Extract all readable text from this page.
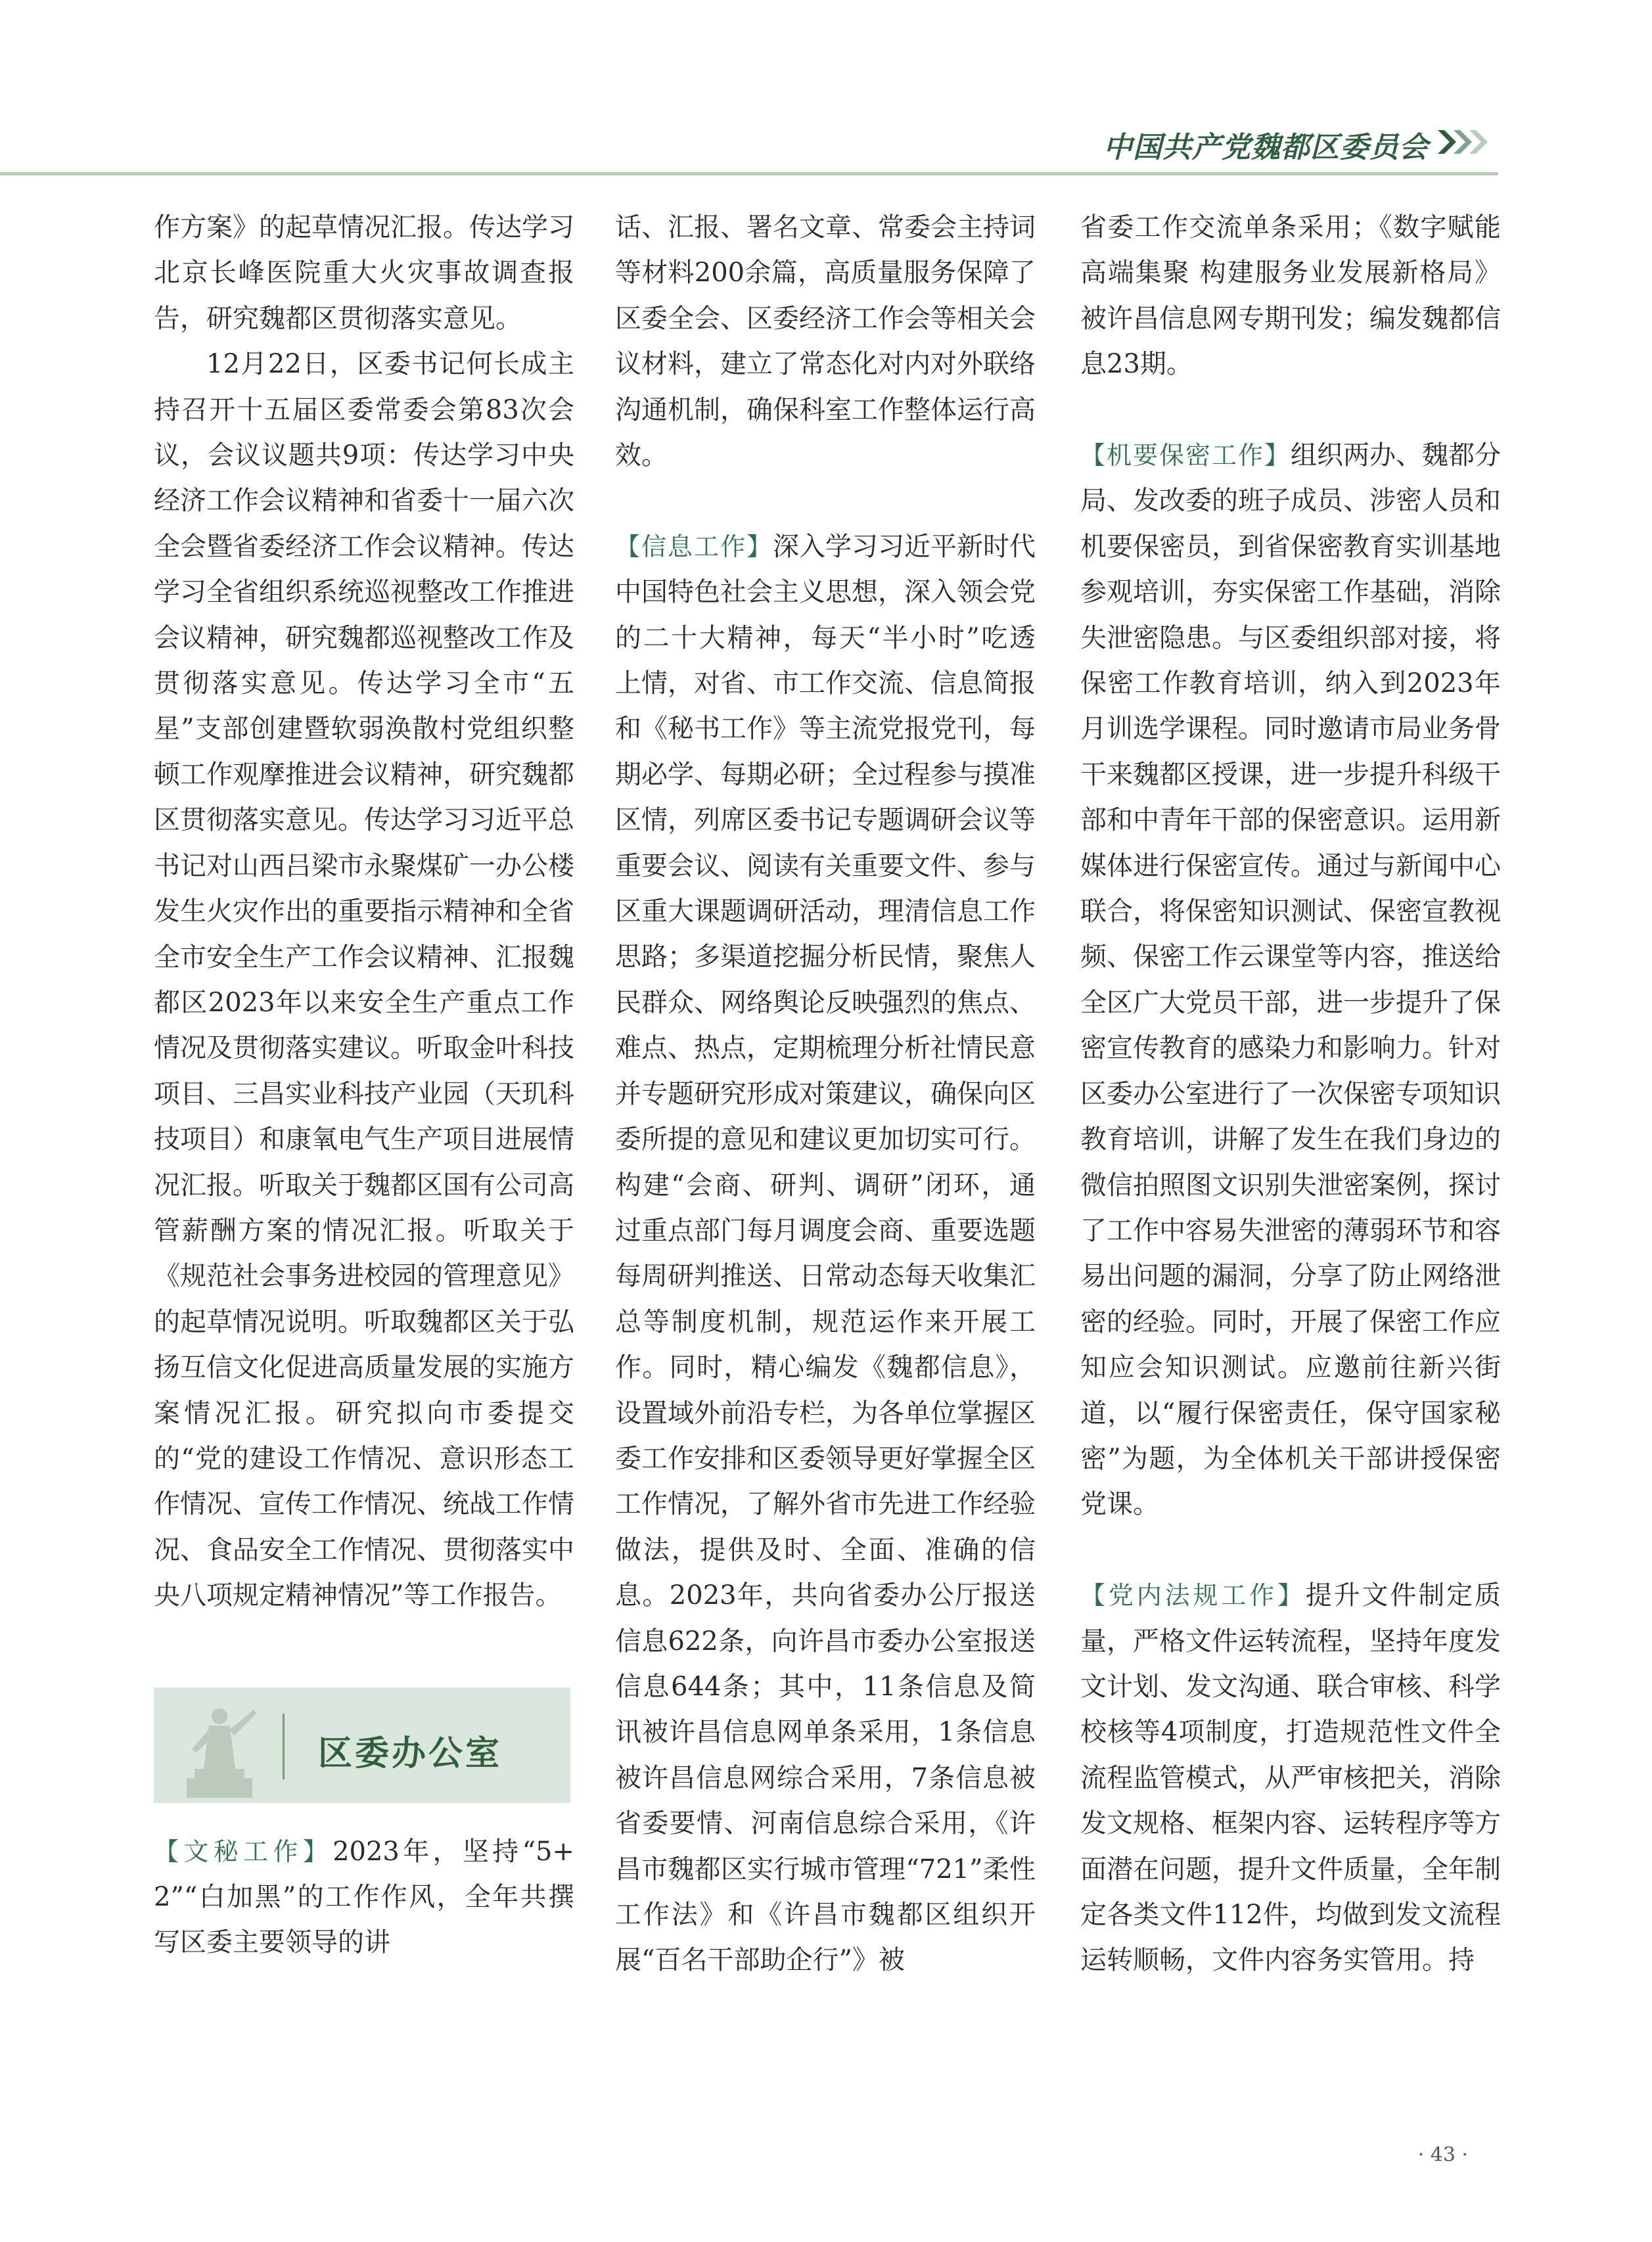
中国共产党魏都区委员会

作方案》的起草情况汇报。传达学习北京长峰医院重大火灾事故调查报告，研究魏都区贯彻落实意见。

12月22日，区委书记何长成主持召开十五届区委常委会第83次会议，会议议题共9项：传达学习中央经济工作会议精神和省委十一届六次全会暨省委经济工作会议精神。传达学习全省组织系统巡视整改工作推进会议精神，研究魏都巡视整改工作及贯彻落实意见。传达学习全市“五星”支部创建暨软弱涣散村党组织整顿工作观摩推进会议精神，研究魏都区贯彻落实意见。传达学习习近平总书记对山西吕梁市永聚煤矿一办公楼发生火灾作出的重要指示精神和全省全市安全生产工作会议精神、汇报魏都区2023年以来安全生产重点工作情况及贯彻落实建议。听取金叶科技项目、三昌实业科技产业园（天玑科技项目）和康氧电气生产项目进展情况汇报。听取关于魏都区国有公司高管薪酬方案的情况汇报。听取关于《规范社会事务进校园的管理意见》的起草情况说明。听取魏都区关于弘扬互信文化促进高质量发展的实施方案情况汇报。研究拟向市委提交的“党的建设工作情况、意识形态工作情况、宣传工作情况、统战工作情况、食品安全工作情况、贯彻落实中央八项规定精神情况”等工作报告。

区委办公室

【文秘工作】2023年，坚持“5+2”“白加黑”的工作作风，全年共撰写区委主要领导的讲

话、汇报、署名文章、常委会主持词等材料200余篇，高质量服务保障了区委全会、区委经济工作会等相关会议材料，建立了常态化对内对外联络沟通机制，确保科室工作整体运行高效。

【信息工作】深入学习习近平新时代中国特色社会主义思想，深入领会党的二十大精神，每天“半小时”吃透上情，对省、市工作交流、信息简报和《秘书工作》等主流党报党刊，每期必学、每期必研；全过程参与摸准区情，列席区委书记专题调研会议等重要会议、阅读有关重要文件、参与区重大课题调研活动，理清信息工作思路；多渠道挖掘分析民情，聚焦人民群众、网络舆论反映强烈的焦点、难点、热点，定期梳理分析社情民意并专题研究形成对策建议，确保向区委所提的意见和建议更加切实可行。构建“会商、研判、调研”闭环，通过重点部门每月调度会商、重要选题每周研判推送、日常动态每天收集汇总等制度机制，规范运作来开展工作。同时，精心编发《魏都信息》，设置域外前沿专栏，为各单位掌握区委工作安排和区委领导更好掌握全区工作情况，了解外省市先进工作经验做法，提供及时、全面、准确的信息。2023年，共向省委办公厅报送信息622条，向许昌市委办公室报送信息644条；其中，11条信息及简讯被许昌信息网单条采用，1条信息被许昌信息网综合采用，7条信息被省委要情、河南信息综合采用，《许昌市魏都区实行城市管理“721”柔性工作法》和《许昌市魏都区组织开展“百名干部助企行”》被

省委工作交流单条采用；《数字赋能 高端集聚 构建服务业发展新格局》被许昌信息网专期刊发；编发魏都信息23期。

【机要保密工作】组织两办、魏都分局、发改委的班子成员、涉密人员和机要保密员，到省保密教育实训基地参观培训，夯实保密工作基础，消除失泄密隐患。与区委组织部对接，将保密工作教育培训，纳入到2023年月训选学课程。同时邀请市局业务骨干来魏都区授课，进一步提升科级干部和中青年干部的保密意识。运用新媒体进行保密宣传。通过与新闻中心联合，将保密知识测试、保密宣教视频、保密工作云课堂等内容，推送给全区广大党员干部，进一步提升了保密宣传教育的感染力和影响力。针对区委办公室进行了一次保密专项知识教育培训，讲解了发生在我们身边的微信拍照图文识别失泄密案例，探讨了工作中容易失泄密的薄弱环节和容易出问题的漏洞，分享了防止网络泄密的经验。同时，开展了保密工作应知应会知识测试。应邀前往新兴街道，以“履行保密责任，保守国家秘密”为题，为全体机关干部讲授保密党课。

【党内法规工作】提升文件制定质量，严格文件运转流程，坚持年度发文计划、发文沟通、联合审核、科学校核等4项制度，打造规范性文件全流程监管模式，从严审核把关，消除发文规格、框架内容、运转程序等方面潜在问题，提升文件质量，全年制定各类文件112件，均做到发文流程运转顺畅，文件内容务实管用。持

· 43 ·
